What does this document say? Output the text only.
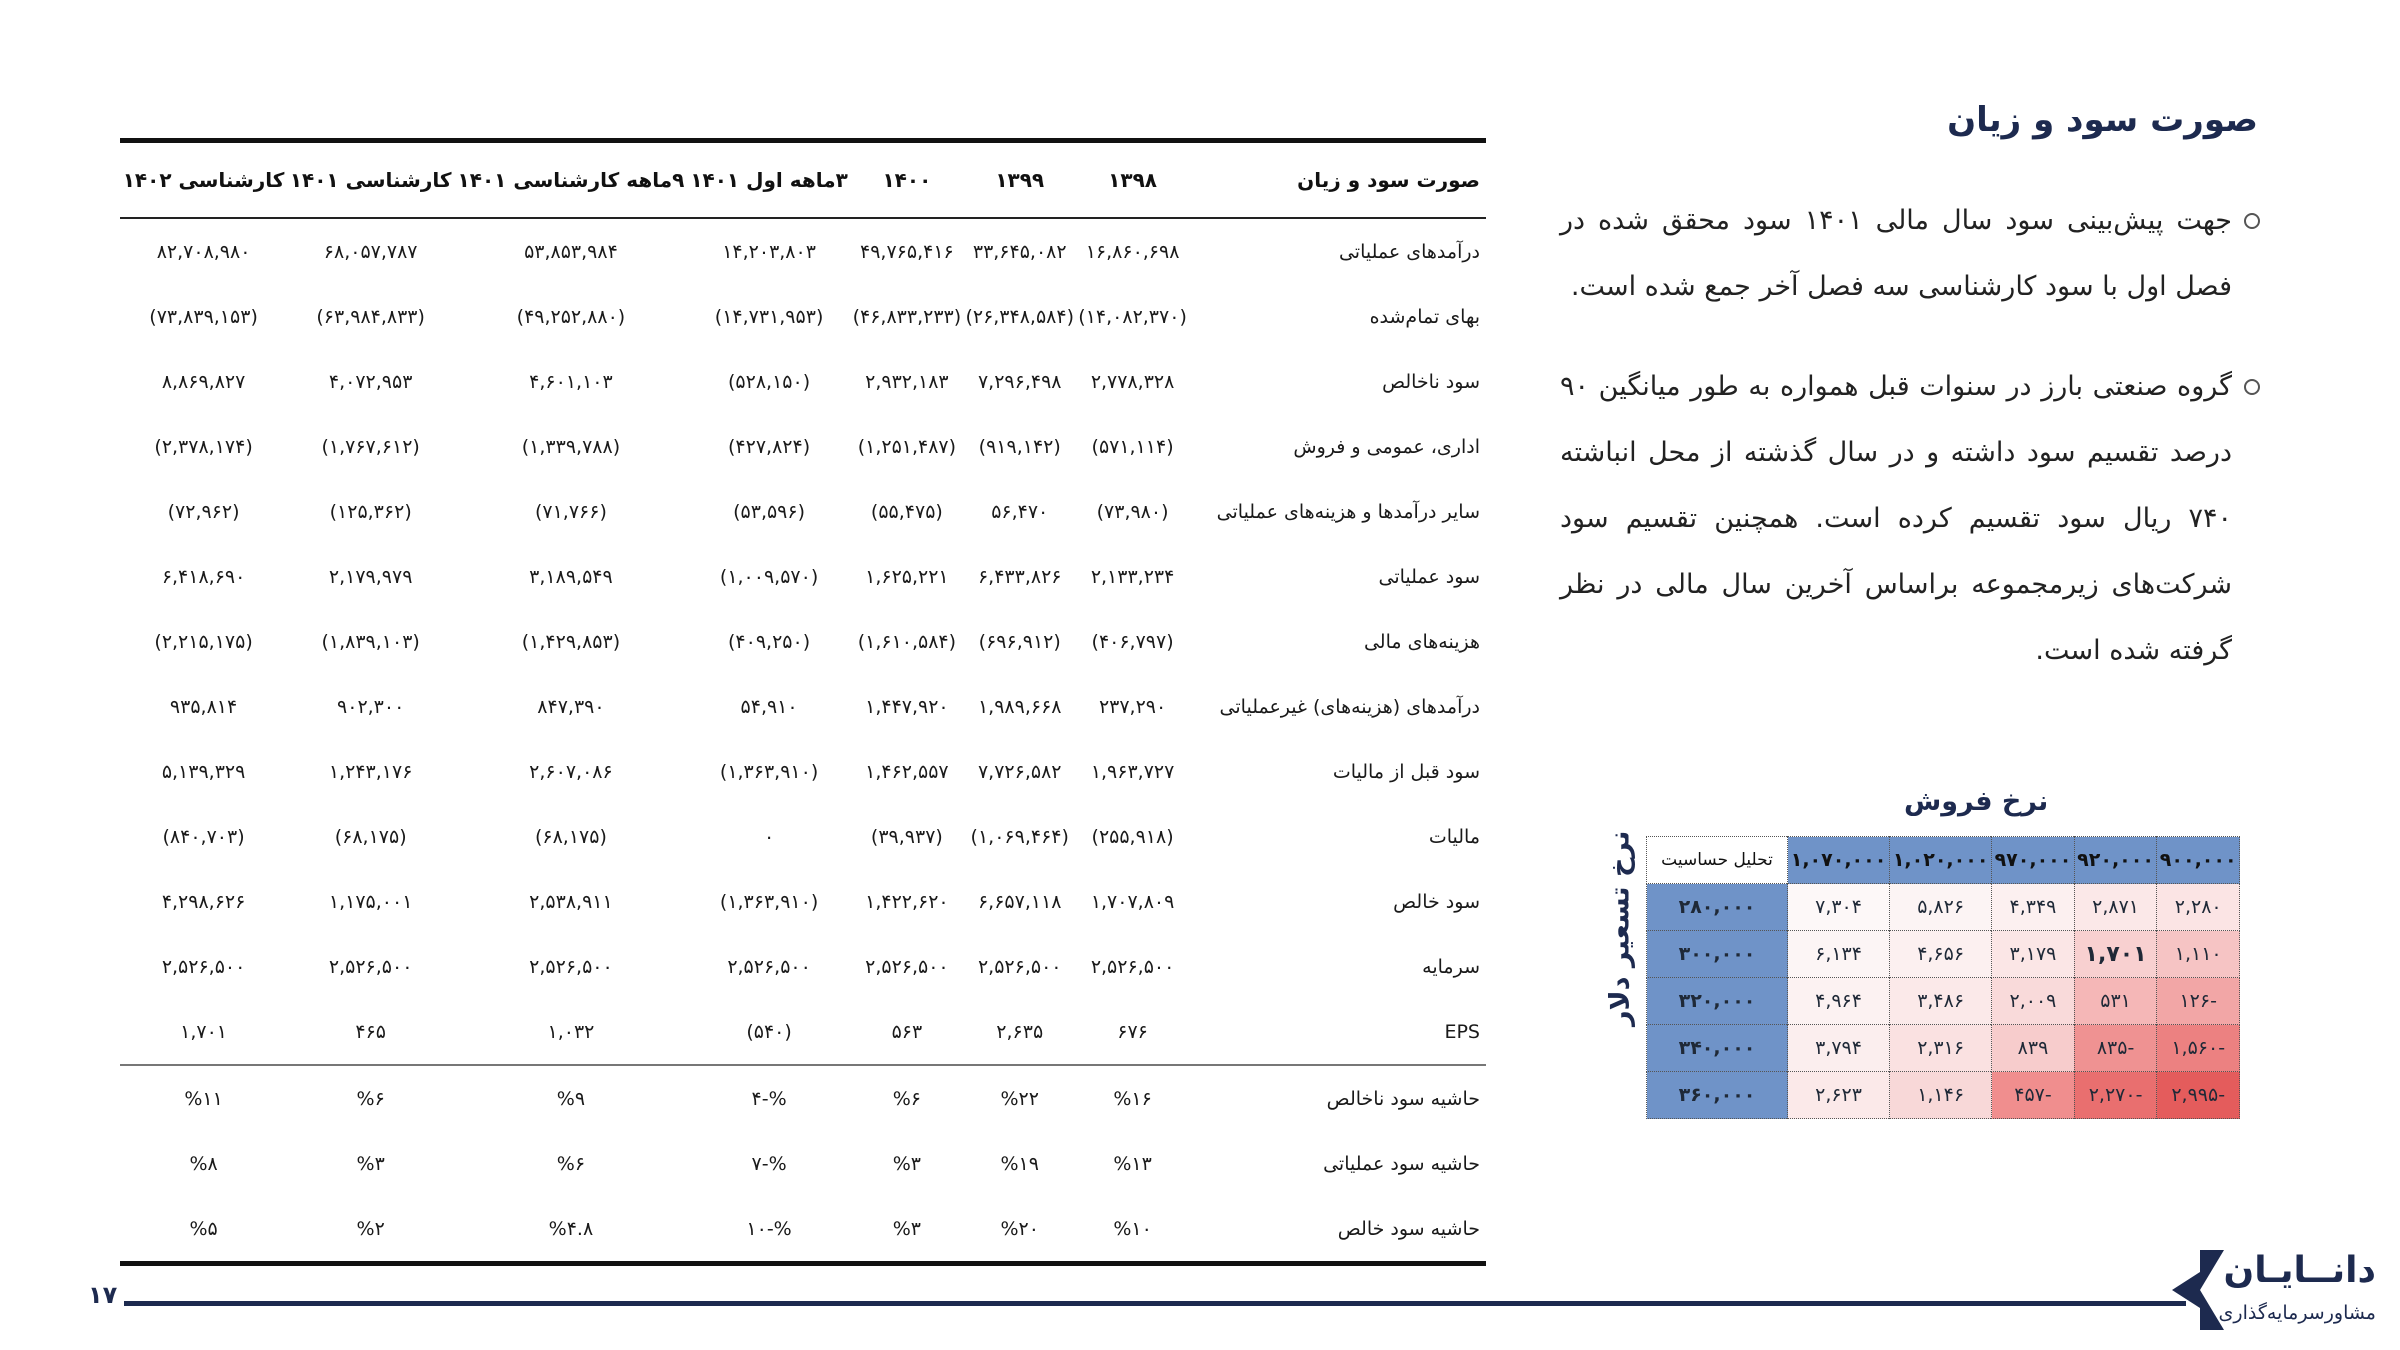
صورت سود و زیان
جهت پیش‌بینی سود سال مالی ۱۴۰۱ سود محقق شده در فصل اول با سود کارشناسی سه فصل آخر جمع شده است.
گروه صنعتی بارز در سنوات قبل همواره به طور میانگین ۹۰ درصد تقسیم سود داشته و در سال گذشته از محل انباشته ۷۴۰ ریال سود تقسیم کرده است. همچنین تقسیم سود شرکت‌های زیرمجموعه براساس آخرین سال مالی در نظر گرفته شده است.
صورت سود و زیان	۱۳۹۸	۱۳۹۹	۱۴۰۰	۳ماهه اول ۱۴۰۱	۹ماهه کارشناسی ۱۴۰۱	کارشناسی ۱۴۰۱	کارشناسی ۱۴۰۲
درآمدهای عملیاتی	۱۶,۸۶۰,۶۹۸	۳۳,۶۴۵,۰۸۲	۴۹,۷۶۵,۴۱۶	۱۴,۲۰۳,۸۰۳	۵۳,۸۵۳,۹۸۴	۶۸,۰۵۷,۷۸۷	۸۲,۷۰۸,۹۸۰
بهای تمام‌شده	(۱۴,۰۸۲,۳۷۰)	(۲۶,۳۴۸,۵۸۴)	(۴۶,۸۳۳,۲۳۳)	(۱۴,۷۳۱,۹۵۳)	(۴۹,۲۵۲,۸۸۰)	(۶۳,۹۸۴,۸۳۳)	(۷۳,۸۳۹,۱۵۳)
سود ناخالص	۲,۷۷۸,۳۲۸	۷,۲۹۶,۴۹۸	۲,۹۳۲,۱۸۳	(۵۲۸,۱۵۰)	۴,۶۰۱,۱۰۳	۴,۰۷۲,۹۵۳	۸,۸۶۹,۸۲۷
اداری، عمومی و فروش	(۵۷۱,۱۱۴)	(۹۱۹,۱۴۲)	(۱,۲۵۱,۴۸۷)	(۴۲۷,۸۲۴)	(۱,۳۳۹,۷۸۸)	(۱,۷۶۷,۶۱۲)	(۲,۳۷۸,۱۷۴)
سایر درآمدها و هزینه‌های عملیاتی	(۷۳,۹۸۰)	۵۶,۴۷۰	(۵۵,۴۷۵)	(۵۳,۵۹۶)	(۷۱,۷۶۶)	(۱۲۵,۳۶۲)	(۷۲,۹۶۲)
سود عملیاتی	۲,۱۳۳,۲۳۴	۶,۴۳۳,۸۲۶	۱,۶۲۵,۲۲۱	(۱,۰۰۹,۵۷۰)	۳,۱۸۹,۵۴۹	۲,۱۷۹,۹۷۹	۶,۴۱۸,۶۹۰
هزینه‌های مالی	(۴۰۶,۷۹۷)	(۶۹۶,۹۱۲)	(۱,۶۱۰,۵۸۴)	(۴۰۹,۲۵۰)	(۱,۴۲۹,۸۵۳)	(۱,۸۳۹,۱۰۳)	(۲,۲۱۵,۱۷۵)
درآمدهای (هزینه‌های) غیرعملیاتی	۲۳۷,۲۹۰	۱,۹۸۹,۶۶۸	۱,۴۴۷,۹۲۰	۵۴,۹۱۰	۸۴۷,۳۹۰	۹۰۲,۳۰۰	۹۳۵,۸۱۴
سود قبل از مالیات	۱,۹۶۳,۷۲۷	۷,۷۲۶,۵۸۲	۱,۴۶۲,۵۵۷	(۱,۳۶۳,۹۱۰)	۲,۶۰۷,۰۸۶	۱,۲۴۳,۱۷۶	۵,۱۳۹,۳۲۹
مالیات	(۲۵۵,۹۱۸)	(۱,۰۶۹,۴۶۴)	(۳۹,۹۳۷)	۰	(۶۸,۱۷۵)	(۶۸,۱۷۵)	(۸۴۰,۷۰۳)
سود خالص	۱,۷۰۷,۸۰۹	۶,۶۵۷,۱۱۸	۱,۴۲۲,۶۲۰	(۱,۳۶۳,۹۱۰)	۲,۵۳۸,۹۱۱	۱,۱۷۵,۰۰۱	۴,۲۹۸,۶۲۶
سرمایه	۲,۵۲۶,۵۰۰	۲,۵۲۶,۵۰۰	۲,۵۲۶,۵۰۰	۲,۵۲۶,۵۰۰	۲,۵۲۶,۵۰۰	۲,۵۲۶,۵۰۰	۲,۵۲۶,۵۰۰
EPS	۶۷۶	۲,۶۳۵	۵۶۳	(۵۴۰)	۱,۰۳۲	۴۶۵	۱,۷۰۱
حاشیه سود ناخالص	%۱۶	%۲۲	%۶	%-۴	%۹	%۶	%۱۱
حاشیه سود عملیاتی	%۱۳	%۱۹	%۳	%-۷	%۶	%۳	%۸
حاشیه سود خالص	%۱۰	%۲۰	%۳	%-۱۰	%۴.۸	%۲	%۵
نرخ فروش
نرخ تسعیر دلار	۹۰۰,۰۰۰	۹۲۰,۰۰۰	۹۷۰,۰۰۰	۱,۰۲۰,۰۰۰	۱,۰۷۰,۰۰۰	تحلیل حساسیت
۲,۲۸۰	۲,۸۷۱	۴,۳۴۹	۵,۸۲۶	۷,۳۰۴	۲۸۰,۰۰۰
۱,۱۱۰	۱,۷۰۱	۳,۱۷۹	۴,۶۵۶	۶,۱۳۴	۳۰۰,۰۰۰
-۱۲۶	۵۳۱	۲,۰۰۹	۳,۴۸۶	۴,۹۶۴	۳۲۰,۰۰۰
-۱,۵۶۰	-۸۳۵	۸۳۹	۲,۳۱۶	۳,۷۹۴	۳۴۰,۰۰۰
-۲,۹۹۵	-۲,۲۷۰	-۴۵۷	۱,۱۴۶	۲,۶۲۳	۳۶۰,۰۰۰
۱۷
دانــایـان
مشاورسرمایه‌گذاری
